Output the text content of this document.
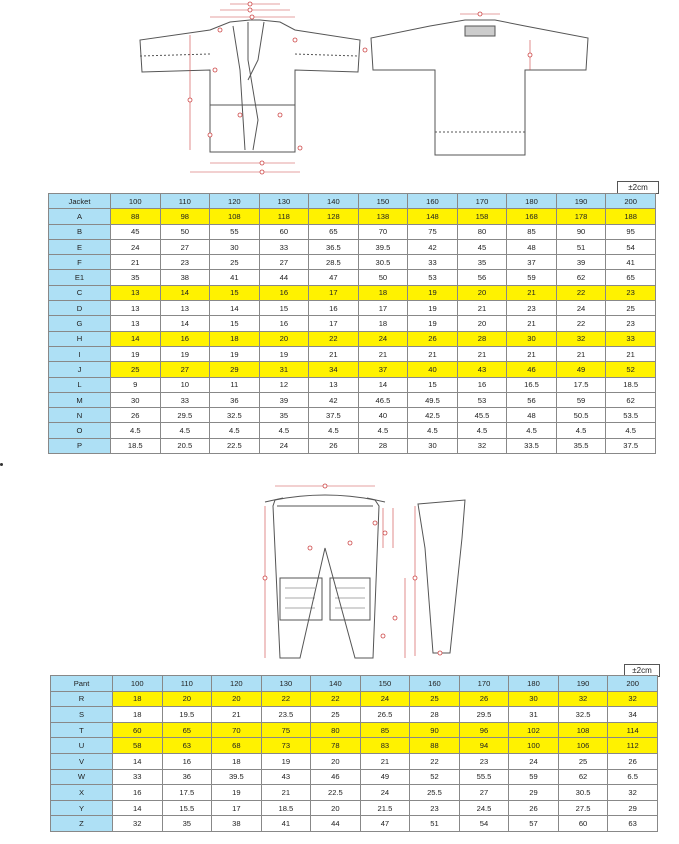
±2cm
Jacket	100	110	120	130	140	150	160	170	180	190	200
A	88	98	108	118	128	138	148	158	168	178	188
B	45	50	55	60	65	70	75	80	85	90	95
E	24	27	30	33	36.5	39.5	42	45	48	51	54
F	21	23	25	27	28.5	30.5	33	35	37	39	41
E1	35	38	41	44	47	50	53	56	59	62	65
C	13	14	15	16	17	18	19	20	21	22	23
D	13	13	14	15	16	17	19	21	23	24	25
G	13	14	15	16	17	18	19	20	21	22	23
H	14	16	18	20	22	24	26	28	30	32	33
I	19	19	19	19	21	21	21	21	21	21	21
J	25	27	29	31	34	37	40	43	46	49	52
L	9	10	11	12	13	14	15	16	16.5	17.5	18.5
M	30	33	36	39	42	46.5	49.5	53	56	59	62
N	26	29.5	32.5	35	37.5	40	42.5	45.5	48	50.5	53.5
O	4.5	4.5	4.5	4.5	4.5	4.5	4.5	4.5	4.5	4.5	4.5
P	18.5	20.5	22.5	24	26	28	30	32	33.5	35.5	37.5
±2cm
Pant	100	110	120	130	140	150	160	170	180	190	200
R	18	20	20	22	22	24	25	26	30	32	32
S	18	19.5	21	23.5	25	26.5	28	29.5	31	32.5	34
T	60	65	70	75	80	85	90	96	102	108	114
U	58	63	68	73	78	83	88	94	100	106	112
V	14	16	18	19	20	21	22	23	24	25	26
W	33	36	39.5	43	46	49	52	55.5	59	62	6.5
X	16	17.5	19	21	22.5	24	25.5	27	29	30.5	32
Y	14	15.5	17	18.5	20	21.5	23	24.5	26	27.5	29
Z	32	35	38	41	44	47	51	54	57	60	63
